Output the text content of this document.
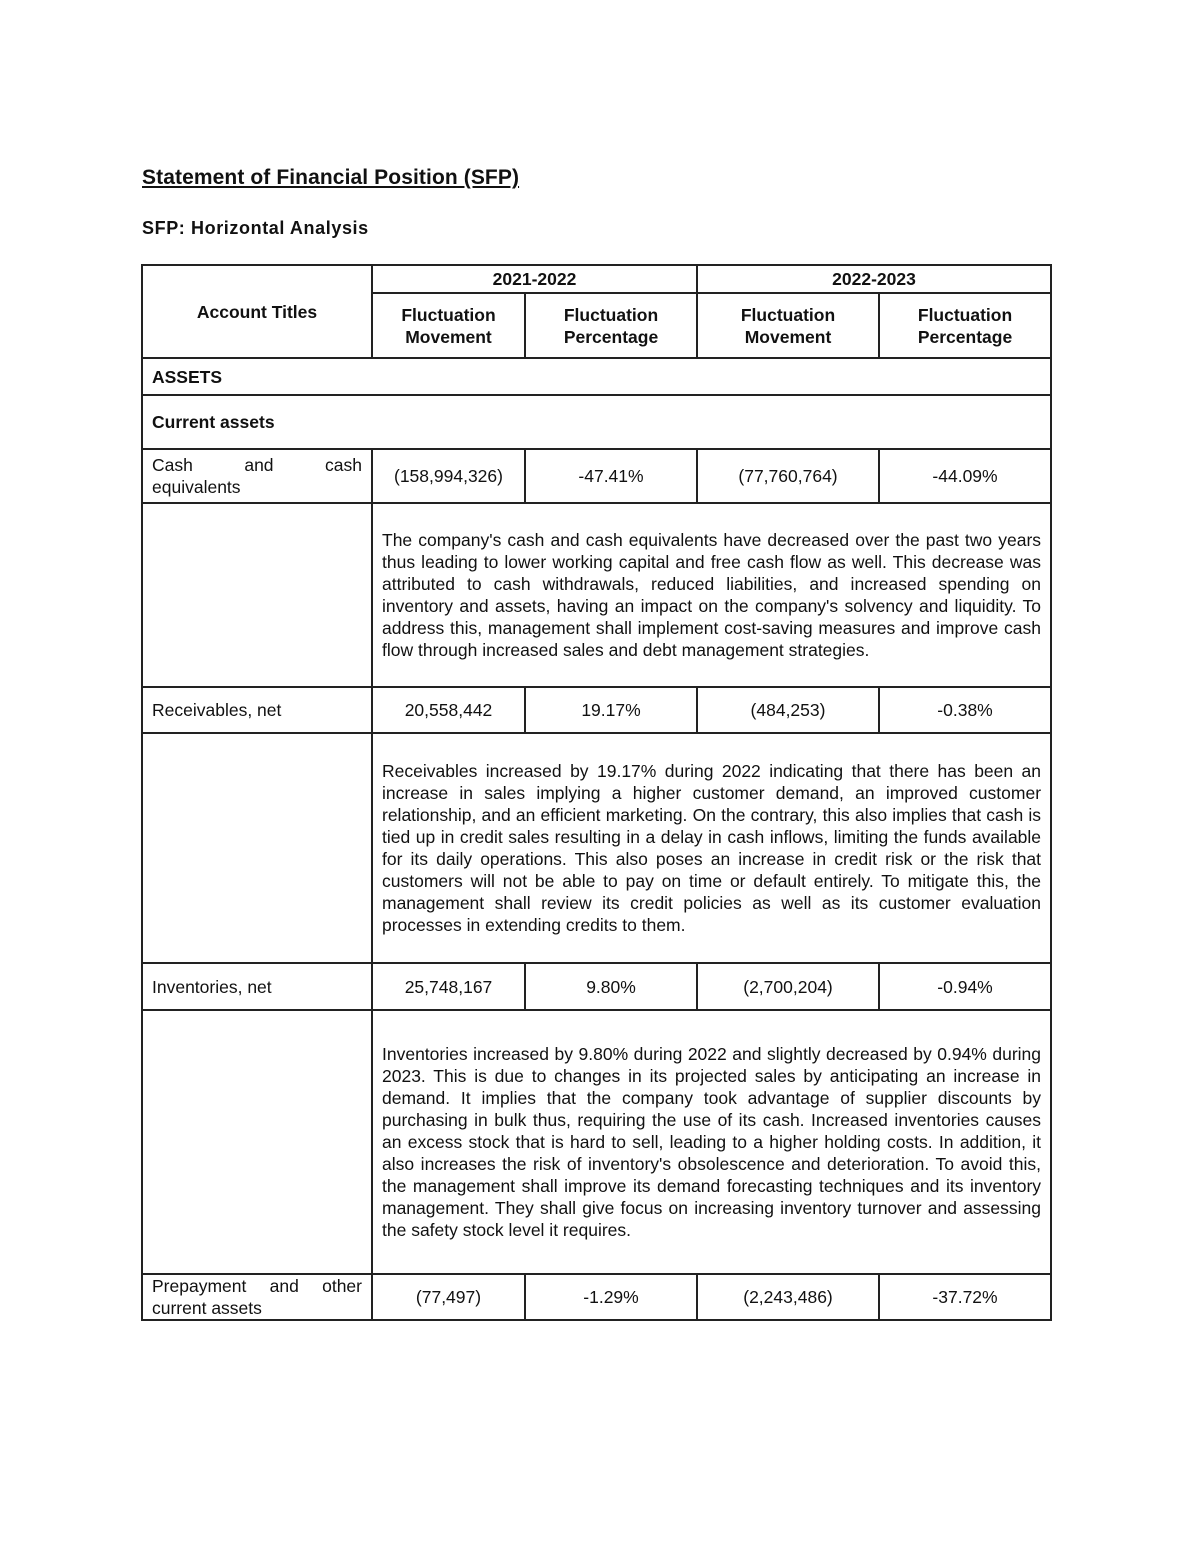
Statement of Financial Position (SFP)
SFP: Horizontal Analysis
Account Titles	2021-2022		2022-2023	
	Fluctuation Movement	Fluctuation Percentage	Fluctuation Movement	Fluctuation Percentage
ASSETS				
Current assets				

Cash and cash equivalents	(158,994,326)	-47.41%	(77,760,764)	-44.09%
	The company's cash and cash equivalents have decreased over the past two years thus leading to lower working capital and free cash flow as well. This decrease was attributed to cash withdrawals, reduced liabilities, and increased spending on inventory and assets, having an impact on the company's solvency and liquidity. To address this, management shall implement cost-saving measures and improve cash flow through increased sales and debt management strategies.			
Receivables, net	20,558,442	19.17%	(484,253)	-0.38%
	Receivables increased by 19.17% during 2022 indicating that there has been an increase in sales implying a higher customer demand, an improved customer relationship, and an efficient marketing. On the contrary, this also implies that cash is tied up in credit sales resulting in a delay in cash inflows, limiting the funds available for its daily operations. This also poses an increase in credit risk or the risk that customers will not be able to pay on time or default entirely. To mitigate this, the management shall review its credit policies as well as its customer evaluation processes in extending credits to them.			
Inventories, net	25,748,167	9.80%	(2,700,204)	-0.94%
	Inventories increased by 9.80% during 2022 and slightly decreased by 0.94% during 2023. This is due to changes in its projected sales by anticipating an increase in demand. It implies that the company took advantage of supplier discounts by purchasing in bulk thus, requiring the use of its cash. Increased inventories causes an excess stock that is hard to sell, leading to a higher holding costs. In addition, it also increases the risk of inventory's obsolescence and deterioration. To avoid this, the management shall improve its demand forecasting techniques and its inventory management. They shall give focus on increasing inventory turnover and assessing the safety stock level it requires.			

Prepayment and other current assets	(77,497)	-1.29%	(2,243,486)	-37.72%
